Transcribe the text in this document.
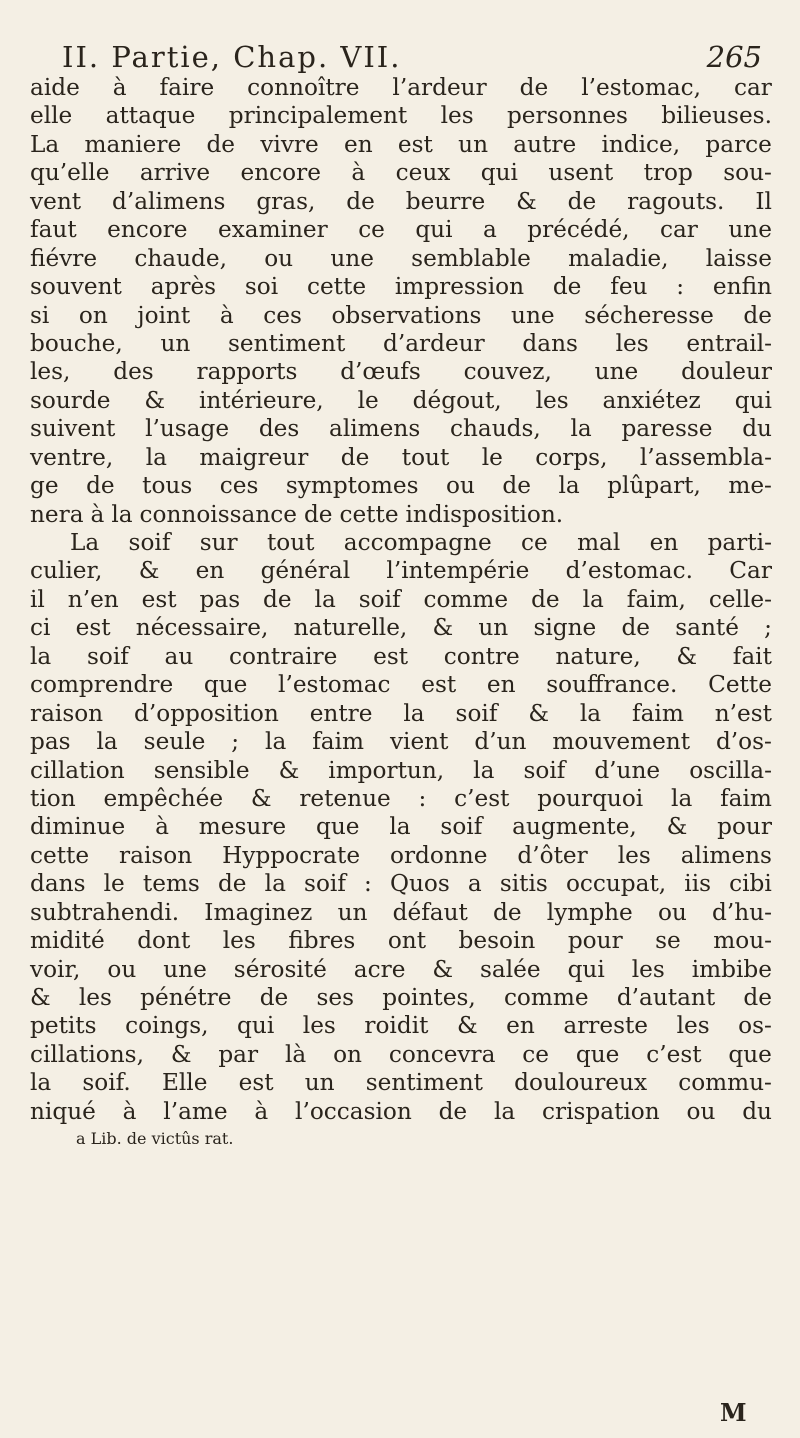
II. Partie, Chap. VII.	265
aide à faire connoître l’ardeur de l’estomac, car
elle attaque principalement les personnes bilieuses.
La maniere de vivre en est un autre indice, parce
qu’elle arrive encore à ceux qui usent trop sou-
vent d’alimens gras, de beurre & de ragouts. Il
faut encore examiner ce qui a précédé, car une
fiévre chaude, ou une semblable maladie, laisse
souvent après soi cette impression de feu : enfin
si on joint à ces observations une sécheresse de
bouche, un sentiment d’ardeur dans les entrail-
les, des rapports d’œufs couvez, une douleur
sourde & intérieure, le dégout, les anxiétez qui
suivent l’usage des alimens chauds, la paresse du
ventre, la maigreur de tout le corps, l’assembla-
ge de tous ces symptomes ou de la plûpart, me-
nera à la connoissance de cette indisposition.
La soif sur tout accompagne ce mal en parti-
culier, & en général l’intempérie d’estomac. Car
il n’en est pas de la soif comme de la faim, celle-
ci est nécessaire, naturelle, & un signe de santé ;
la soif au contraire est contre nature, & fait
comprendre que l’estomac est en souffrance. Cette
raison d’opposition entre la soif & la faim n’est
pas la seule ; la faim vient d’un mouvement d’os-
cillation sensible & importun, la soif d’une oscilla-
tion empêchée & retenue : c’est pourquoi la faim
diminue à mesure que la soif augmente, & pour
cette raison Hyppocrate ordonne d’ôter les alimens
dans le tems de la soif : Quos a sitis occupat, iis cibi
subtrahendi. Imaginez un défaut de lymphe ou d’hu-
midité dont les fibres ont besoin pour se mou-
voir, ou une sérosité acre & salée qui les imbibe
& les pénétre de ses pointes, comme d’autant de
petits coings, qui les roidit & en arreste les os-
cillations, & par là on concevra ce que c’est que
la soif. Elle est un sentiment douloureux commu-
niqué à l’ame à l’occasion de la crispation ou du
a Lib. de victûs rat.
M
